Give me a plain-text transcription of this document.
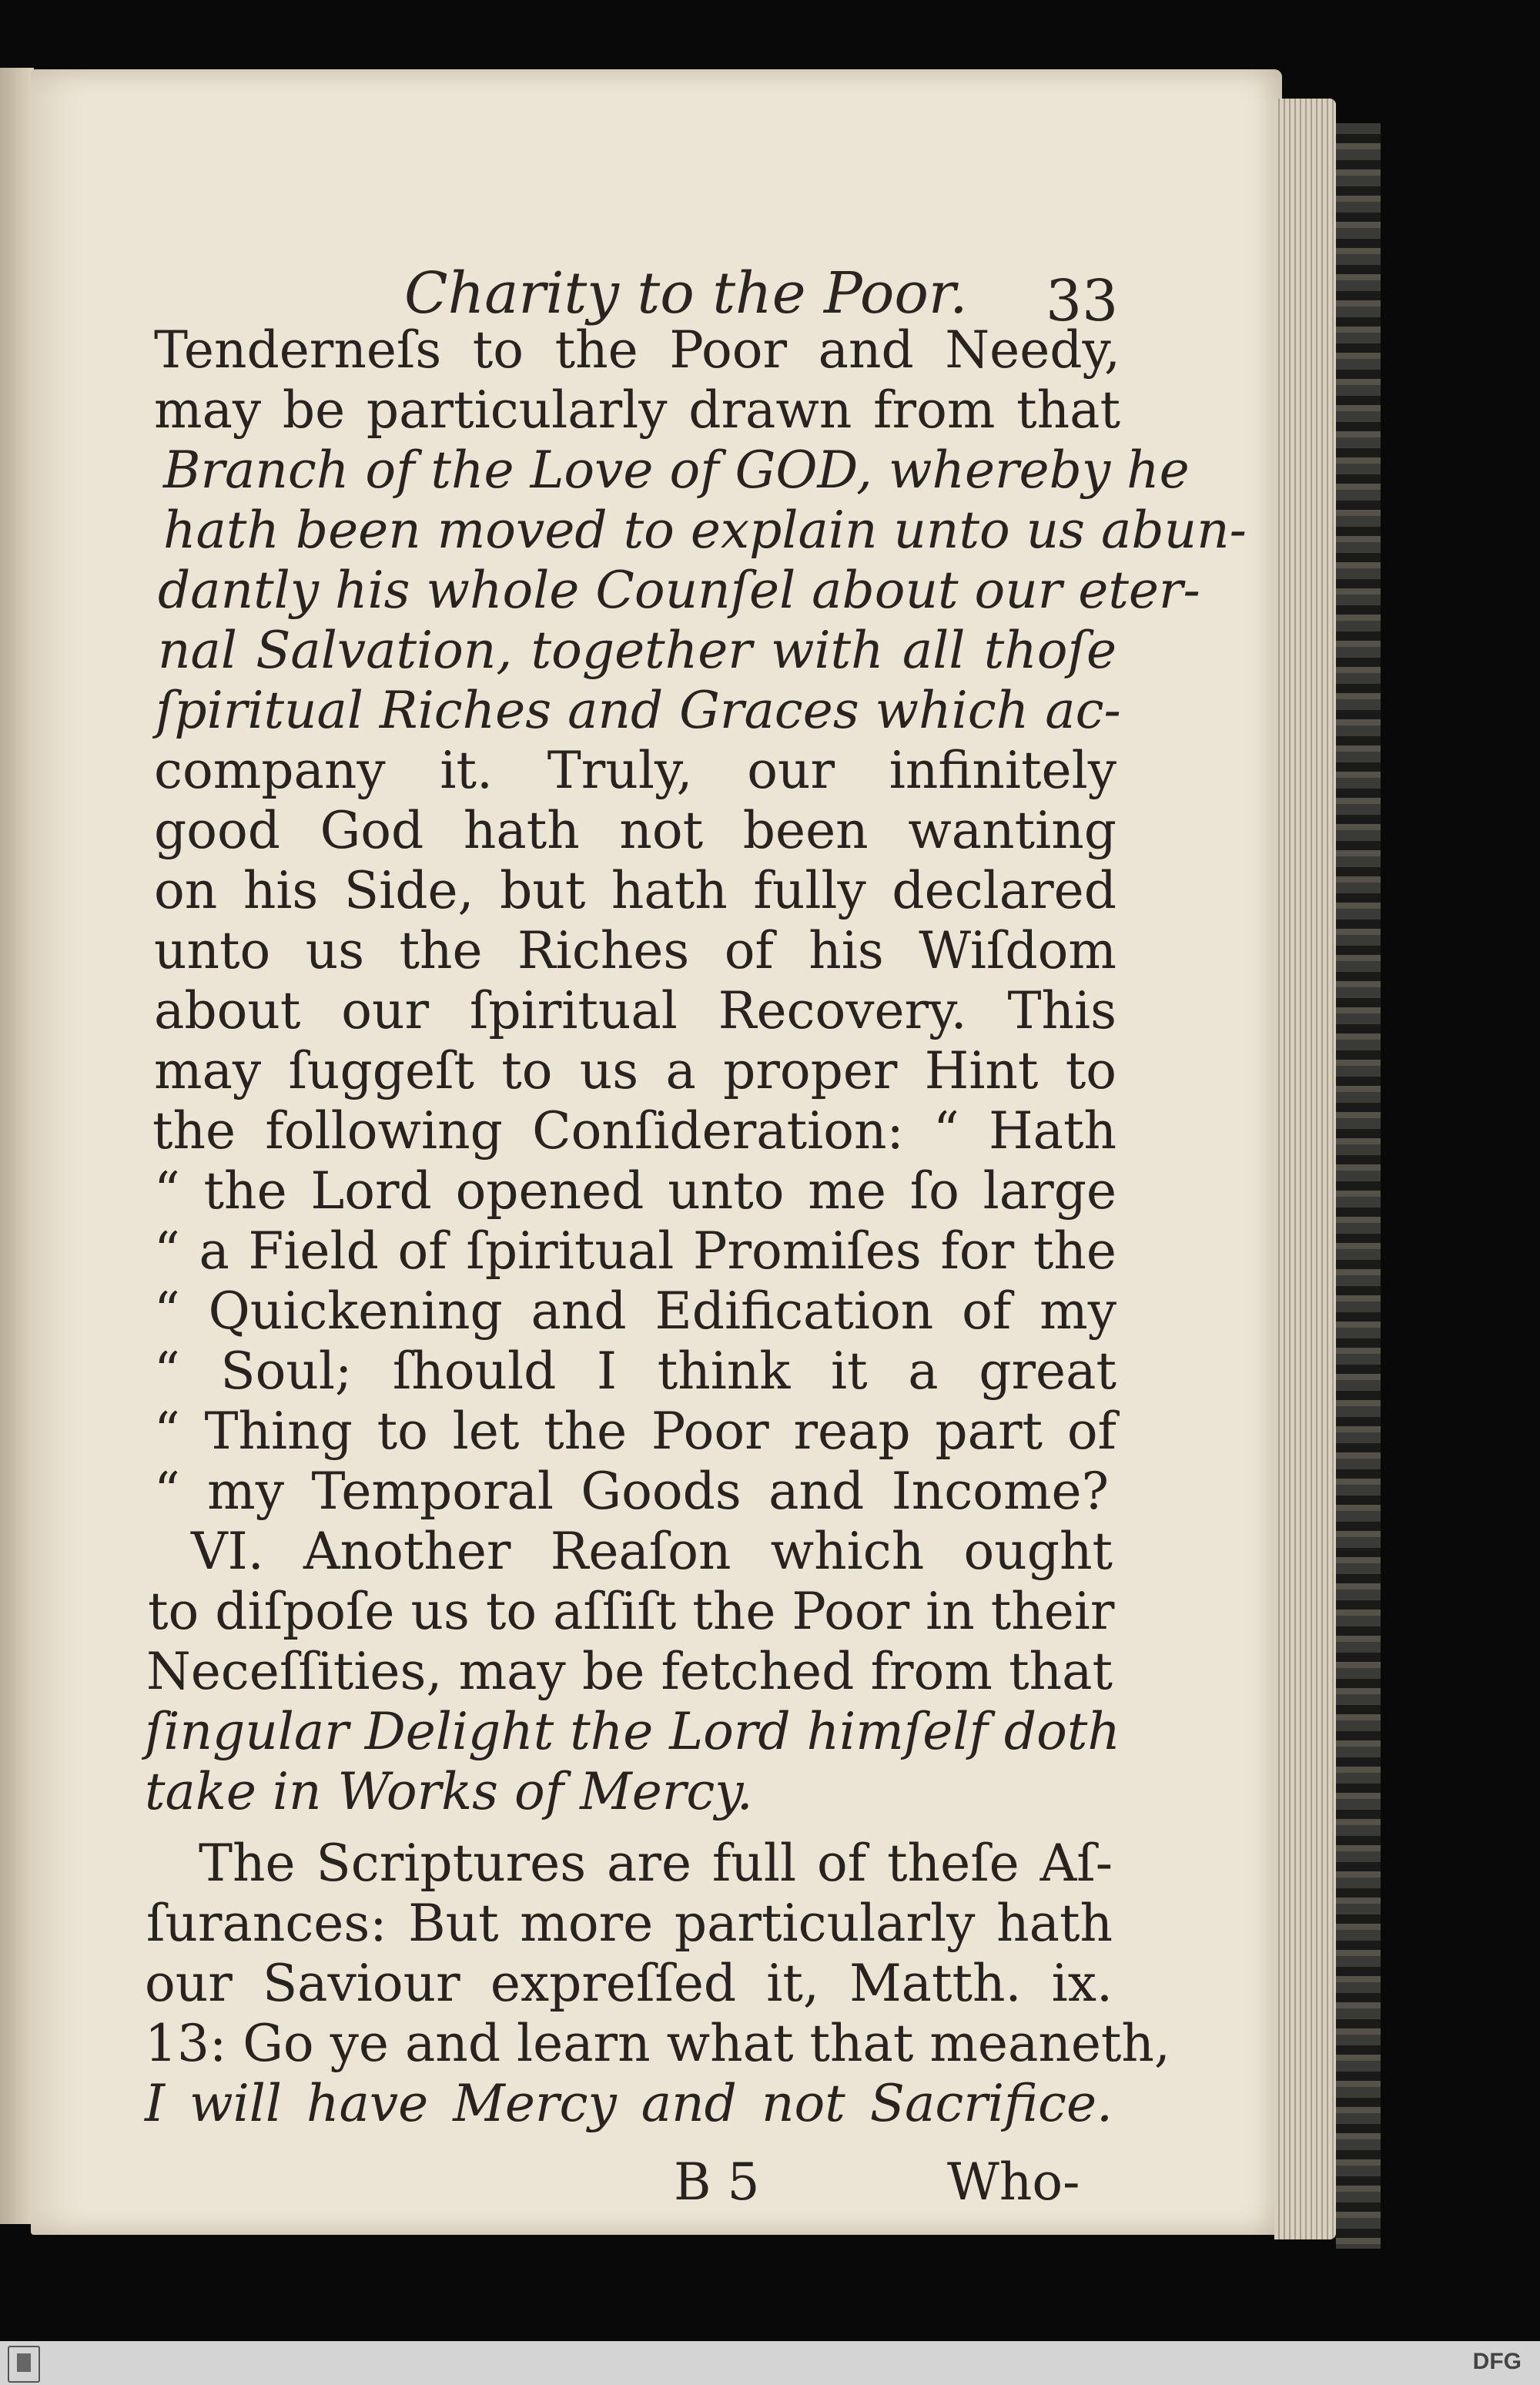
Charity to the Poor. 33
Tenderneſs to the Poor and Needy,
may be particularly drawn from that
Branch of the Love of GOD, whereby he
hath been moved to explain unto us abun-
dantly his whole Counſel about our eter-
nal Salvation, together with all thoſe
ſpiritual Riches and Graces which ac-
company it. Truly, our infinitely
good God hath not been wanting
on his Side, but hath fully declared
unto us the Riches of his Wiſdom
about our ſpiritual Recovery. This
may ſuggeſt to us a proper Hint to
the following Conſideration: “ Hath
“ the Lord opened unto me ſo large
“ a Field of ſpiritual Promiſes for the
“ Quickening and Edification of my
“ Soul; ſhould I think it a great
“ Thing to let the Poor reap part of
“ my Temporal Goods and Income?
VI. Another Reaſon which ought
to diſpoſe us to aſſiſt the Poor in their
Neceſſities, may be fetched from that
ſingular Delight the Lord himſelf doth
take in Works of Mercy.
The Scriptures are full of theſe Aſ-
ſurances: But more particularly hath
our Saviour expreſſed it, Matth. ix.
13: Go ye and learn what that meaneth,
I will have Mercy and not Sacrifice.
B 5	Who-
DFG
